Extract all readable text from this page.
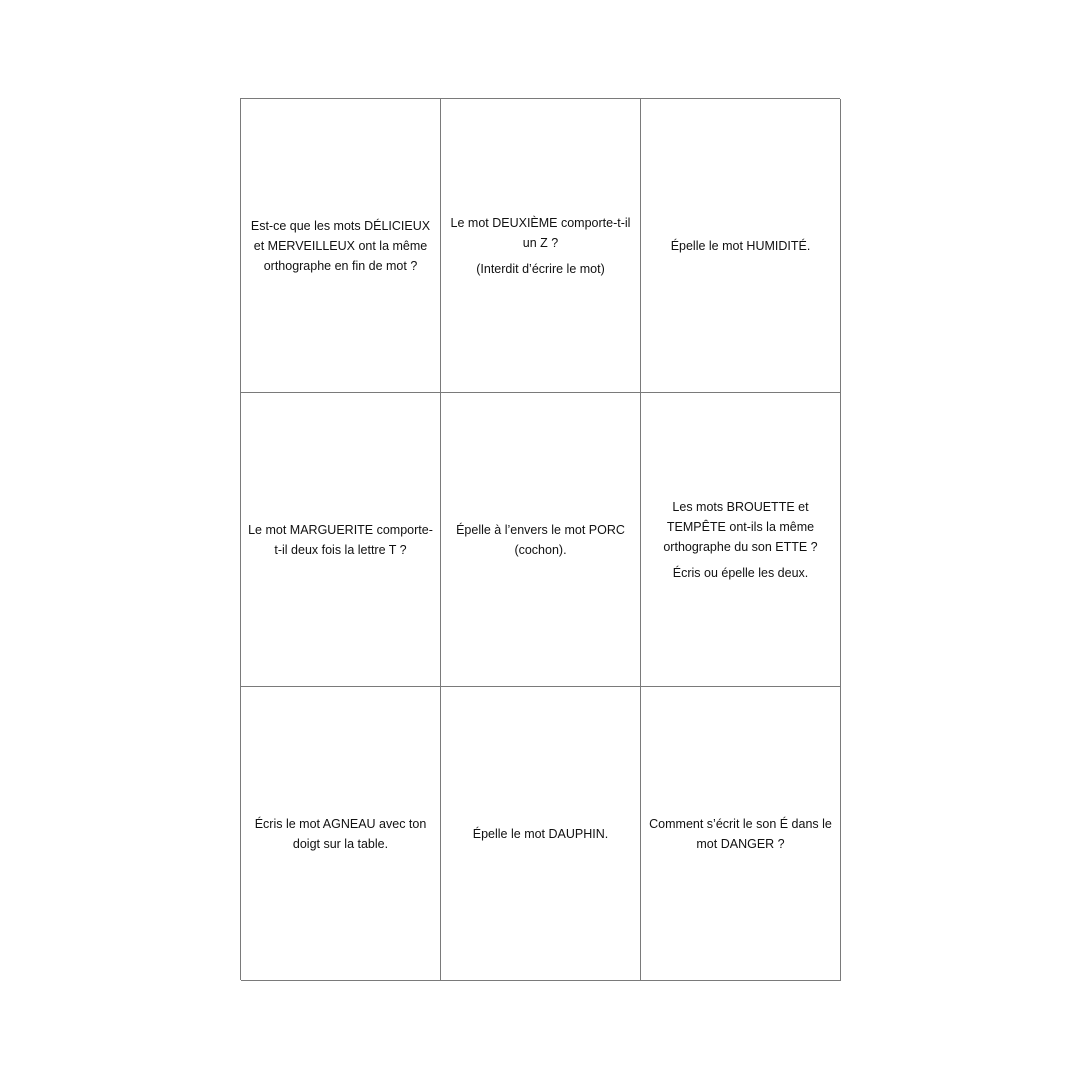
Est-ce que les mots DÉLICIEUX et MERVEILLEUX ont la même orthographe en fin de mot ?

Le mot DEUXIÈME comporte-t-il un Z ?

(Interdit d’écrire le mot)

Épelle le mot HUMIDITÉ.

Le mot MARGUERITE comporte-t-il deux fois la lettre T ?

Épelle à l’envers le mot PORC (cochon).

Les mots BROUETTE et TEMPÊTE ont-ils la même orthographe du son ETTE ?

Écris ou épelle les deux.

Écris le mot AGNEAU avec ton doigt sur la table.

Épelle le mot DAUPHIN.

Comment s’écrit le son É dans le mot DANGER ?
